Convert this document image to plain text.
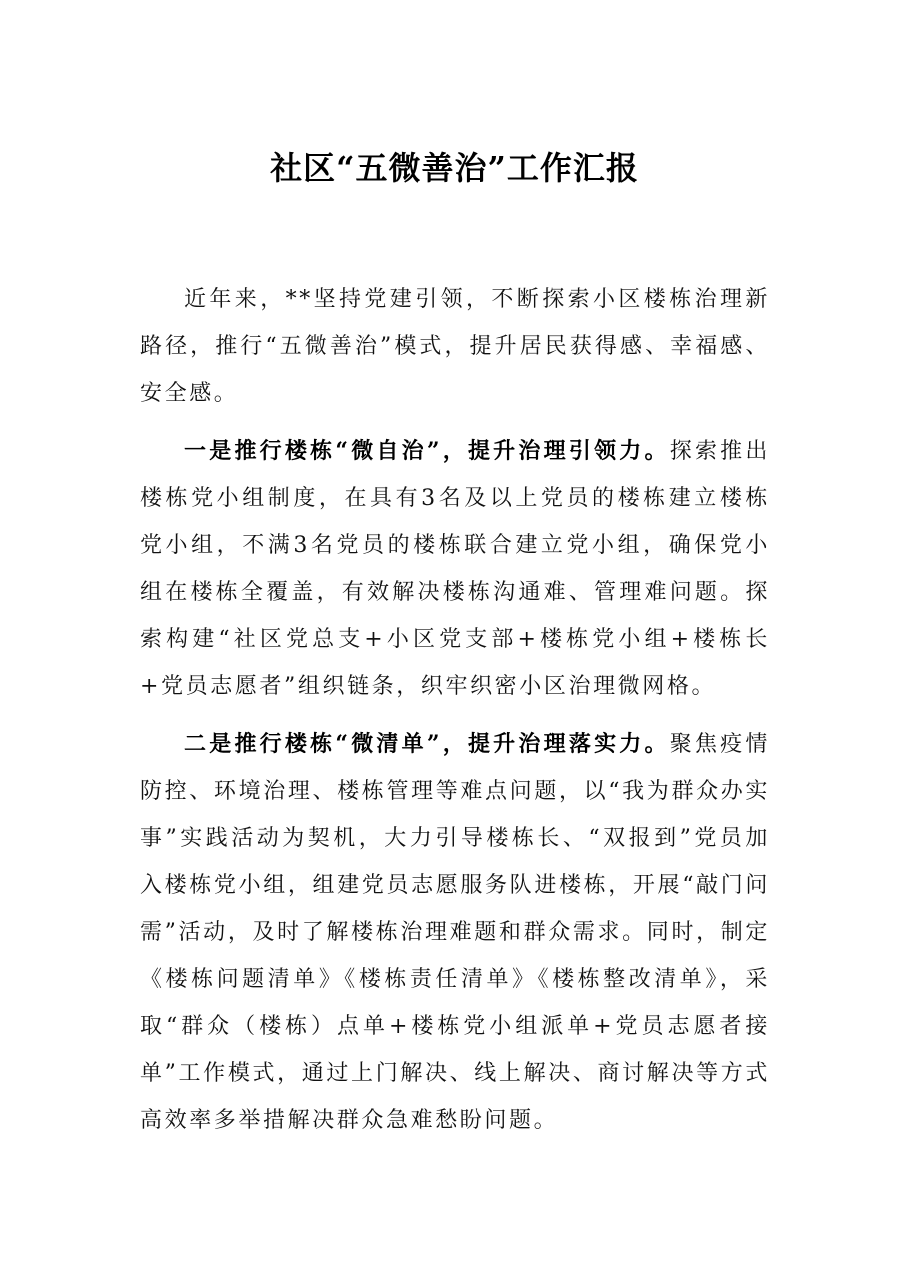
社区“五微善治”工作汇报

近年来，**坚持党建引领，不断探索小区楼栋治理新路径，推行“五微善治”模式，提升居民获得感、幸福感、安全感。

一是推行楼栋“微自治”，提升治理引领力。探索推出楼栋党小组制度，在具有3名及以上党员的楼栋建立楼栋党小组，不满3名党员的楼栋联合建立党小组，确保党小组在楼栋全覆盖，有效解决楼栋沟通难、管理难问题。探索构建“社区党总支+小区党支部+楼栋党小组+楼栋长+党员志愿者”组织链条，织牢织密小区治理微网格。

二是推行楼栋“微清单”，提升治理落实力。聚焦疫情防控、环境治理、楼栋管理等难点问题，以“我为群众办实事”实践活动为契机，大力引导楼栋长、“双报到”党员加入楼栋党小组，组建党员志愿服务队进楼栋，开展“敲门问需”活动，及时了解楼栋治理难题和群众需求。同时，制定《楼栋问题清单》《楼栋责任清单》《楼栋整改清单》，采取“群众（楼栋）点单+楼栋党小组派单+党员志愿者接单”工作模式，通过上门解决、线上解决、商讨解决等方式高效率多举措解决群众急难愁盼问题。
